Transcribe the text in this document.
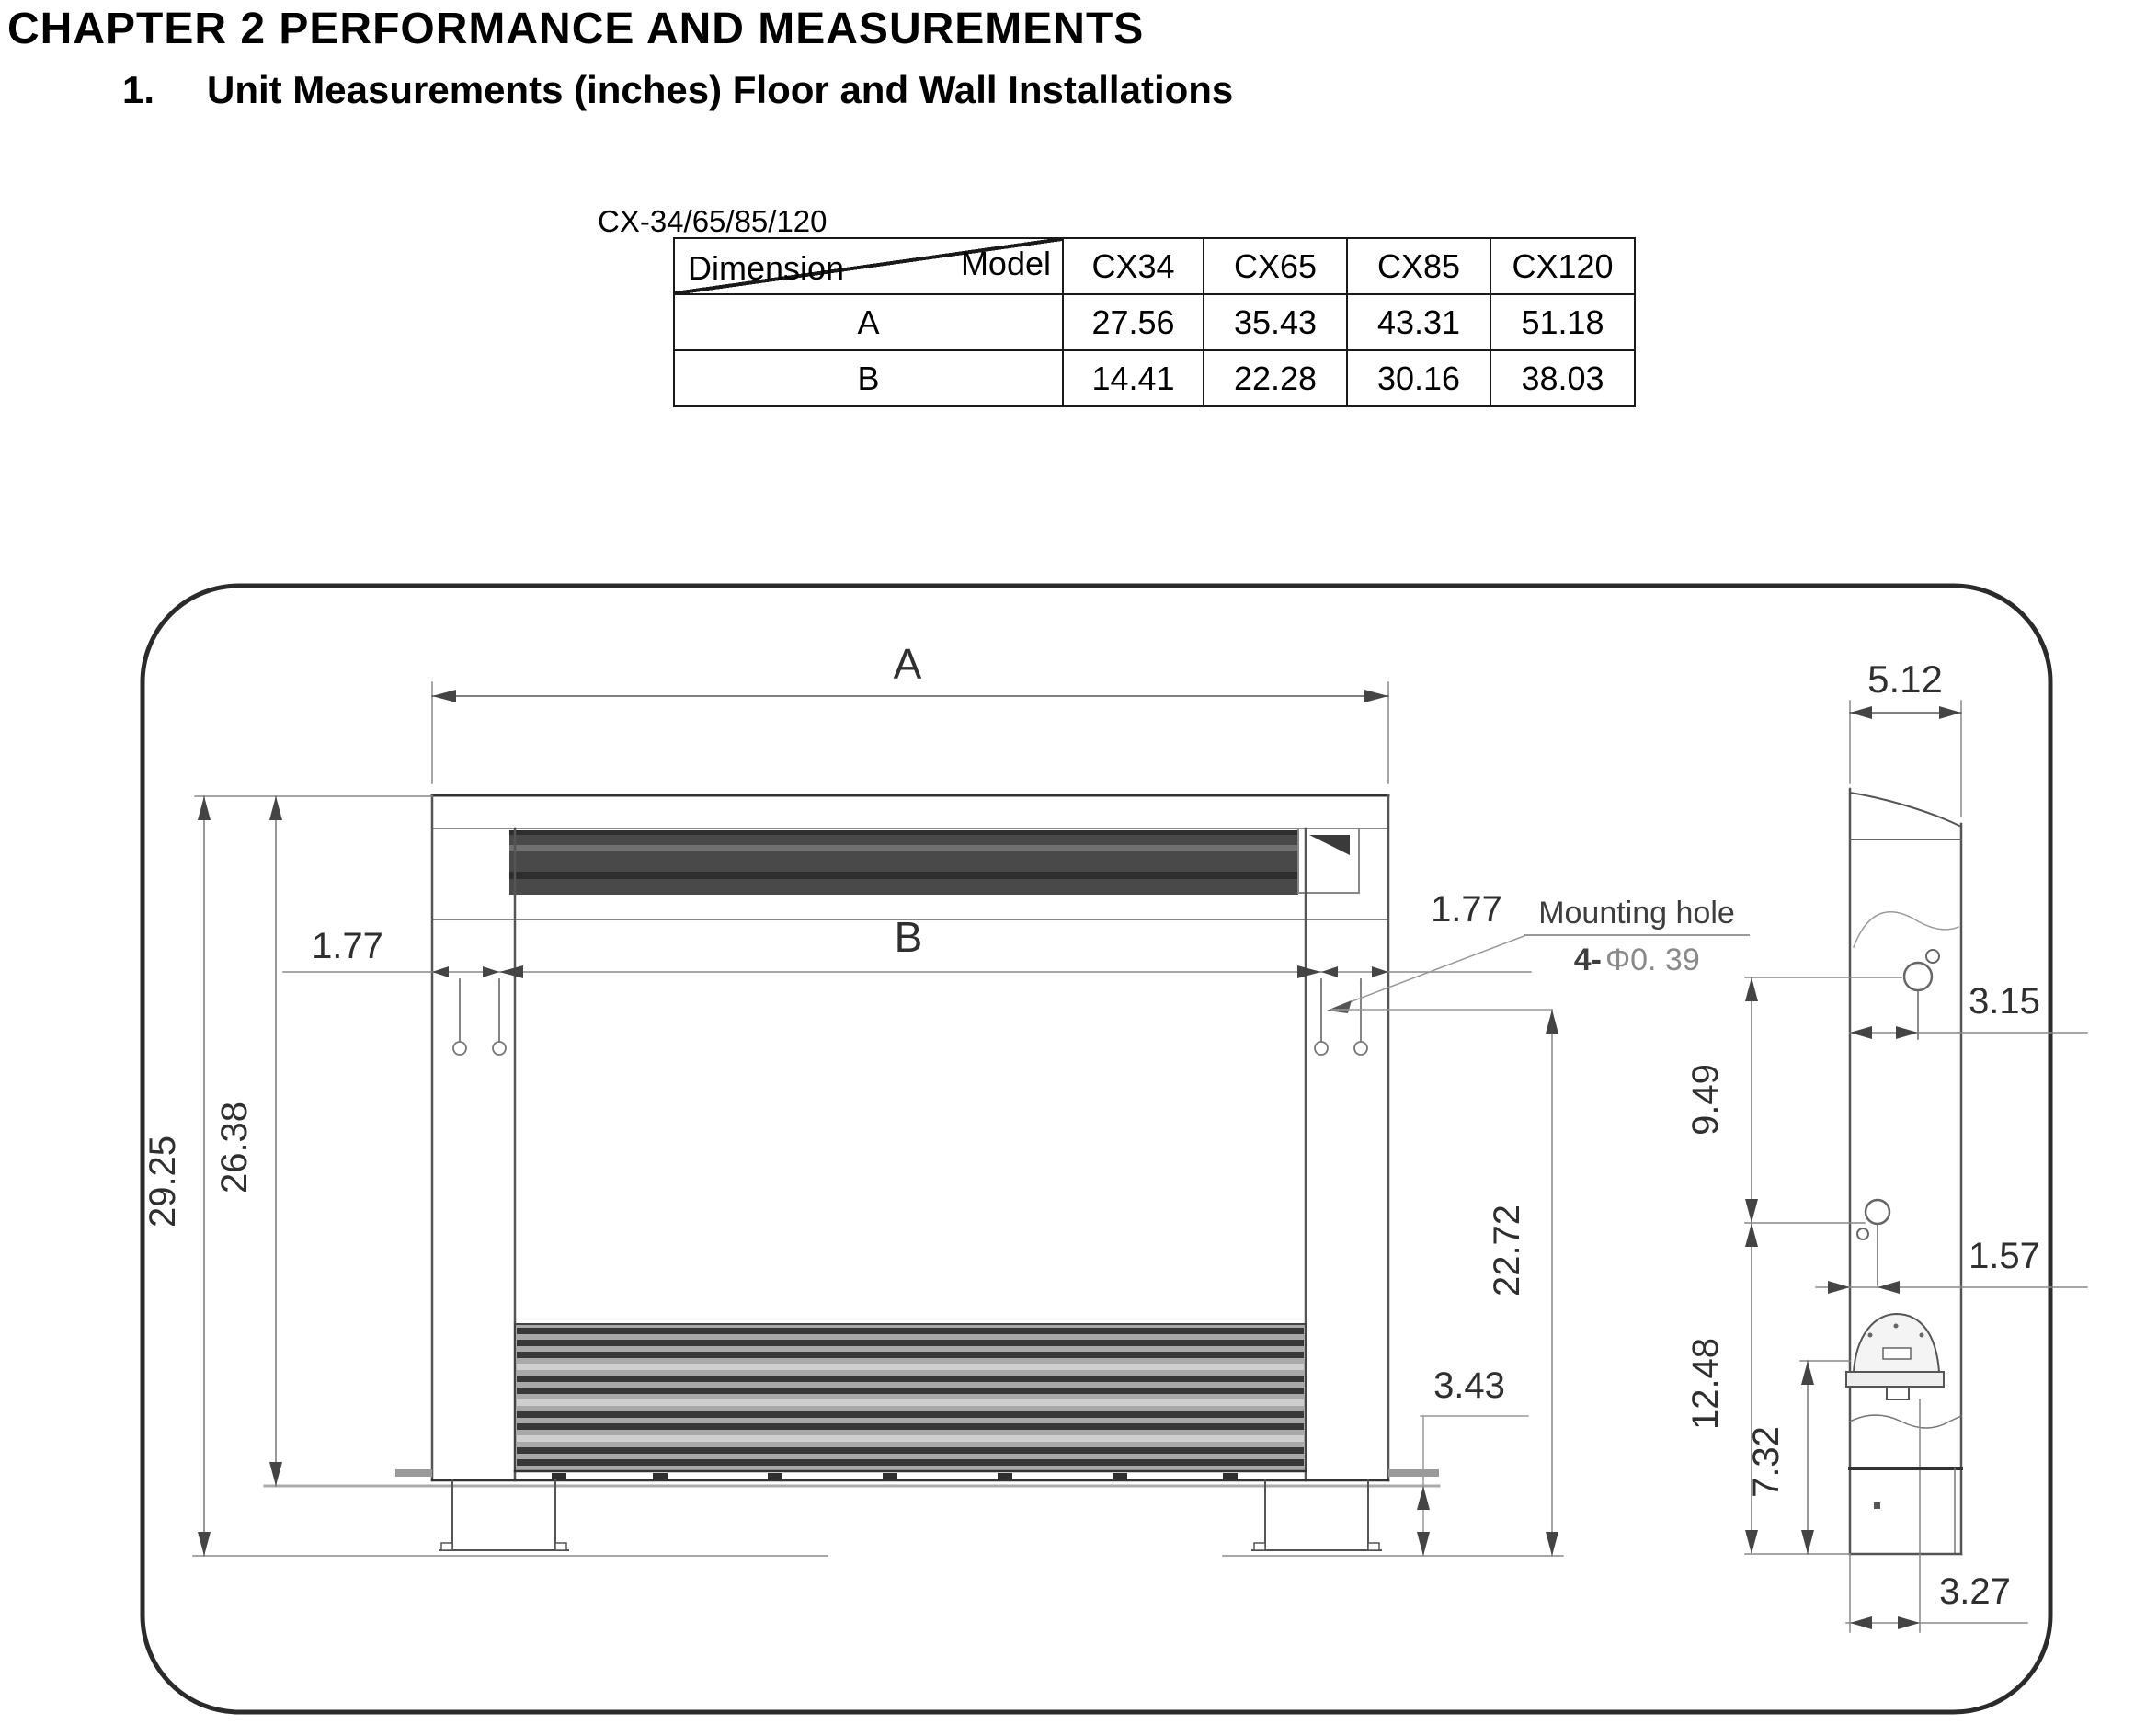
CHAPTER 2 PERFORMANCE AND MEASUREMENTS
1.	Unit Measurements (inches) Floor and Wall Installations
CX-34/65/85/120
Model
Dimension	CX34	CX65	CX85	CX120
A	27.56	35.43	43.31	51.18
B	14.41	22.28	30.16	38.03
A
B
1.77
1.77 Mounting hole
4- Φ0. 39
22.72
3.43
29.25 26.38
3.15
1.57
5.12
9.49
12.48
7.32
3.27
